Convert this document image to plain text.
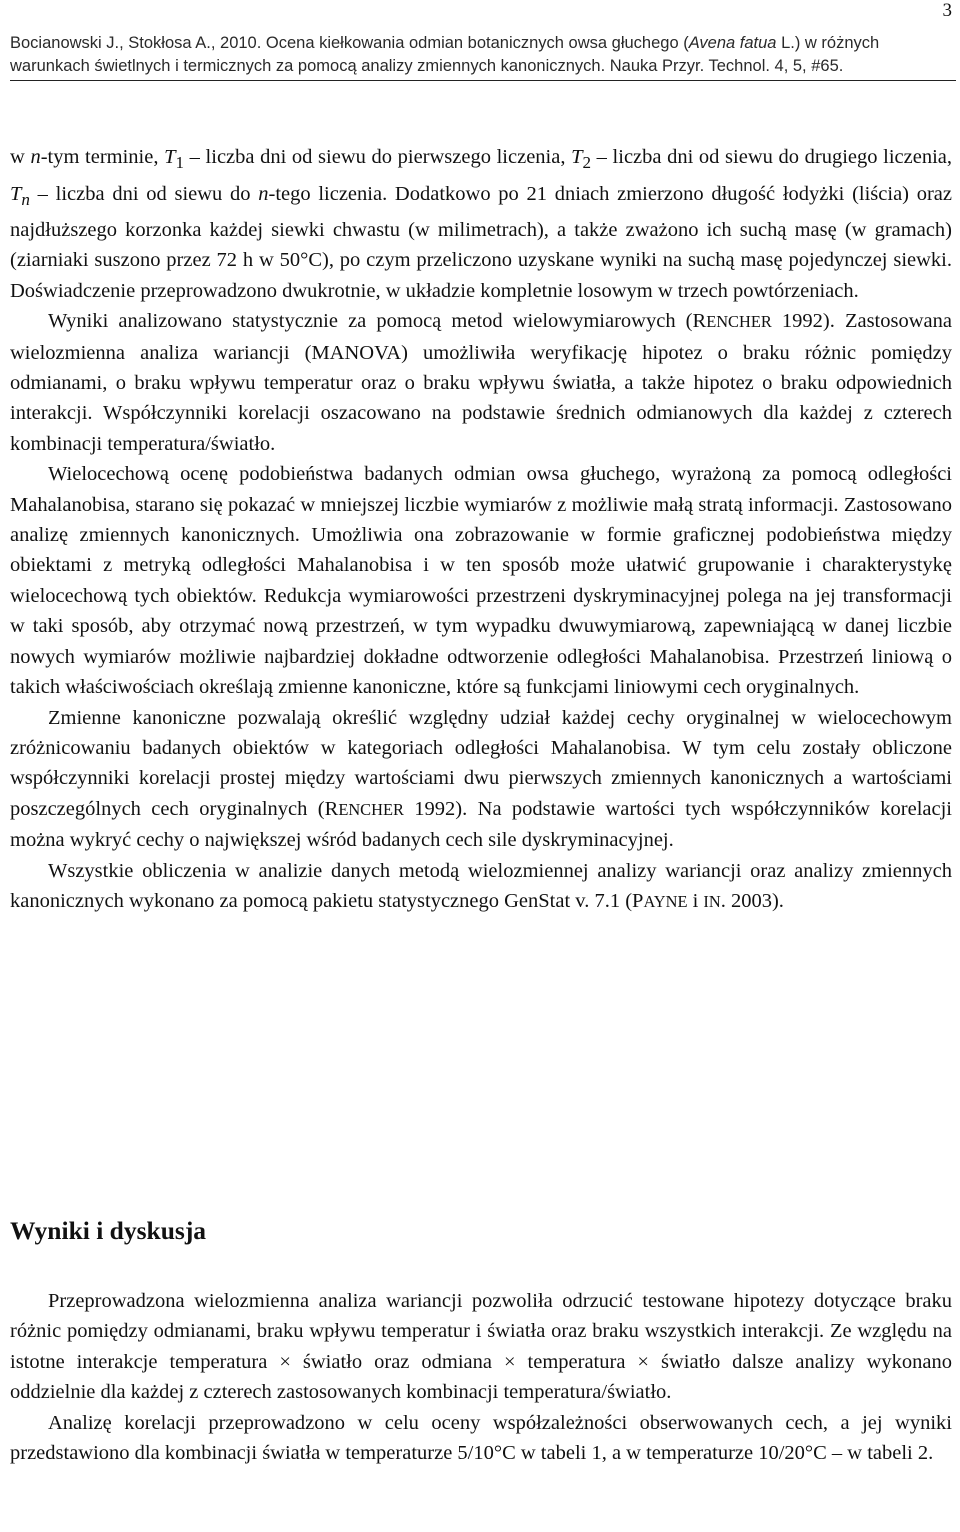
3
Bocianowski J., Stokłosa A., 2010. Ocena kiełkowania odmian botanicznych owsa głuchego (Avena fatua L.) w różnych warunkach świetlnych i termicznych za pomocą analizy zmiennych kanonicznych. Nauka Przyr. Technol. 4, 5, #65.

w n-tym terminie, $T_1$ – liczba dni od siewu do pierwszego liczenia, $T_2$ – liczba dni od siewu do drugiego liczenia, $T_n$ – liczba dni od siewu do n-tego liczenia. Dodatkowo po 21 dniach zmierzono długość łodyżki (liścia) oraz najdłuższego korzonka każdej siewki chwastu (w milimetrach), a także zważono ich suchą masę (w gramach) (ziarniaki suszono przez 72 h w 50°C), po czym przeliczono uzyskane wyniki na suchą masę pojedynczej siewki. Doświadczenie przeprowadzono dwukrotnie, w układzie kompletnie losowym w trzech powtórzeniach.

Wyniki analizowano statystycznie za pomocą metod wielowymiarowych (RENCHER 1992). Zastosowana wielozmienna analiza wariancji (MANOVA) umożliwiła weryfikację hipotez o braku różnic pomiędzy odmianami, o braku wpływu temperatur oraz o braku wpływu światła, a także hipotez o braku odpowiednich interakcji. Współczynniki korelacji oszacowano na podstawie średnich odmianowych dla każdej z czterech kombinacji temperatura/światło.

Wielocechową ocenę podobieństwa badanych odmian owsa głuchego, wyrażoną za pomocą odległości Mahalanobisa, starano się pokazać w mniejszej liczbie wymiarów z możliwie małą stratą informacji. Zastosowano analizę zmiennych kanonicznych. Umożliwia ona zobrazowanie w formie graficznej podobieństwa między obiektami z metryką odległości Mahalanobisa i w ten sposób może ułatwić grupowanie i charakterystykę wielocechową tych obiektów. Redukcja wymiarowości przestrzeni dyskryminacyjnej polega na jej transformacji w taki sposób, aby otrzymać nową przestrzeń, w tym wypadku dwuwymiarową, zapewniającą w danej liczbie nowych wymiarów możliwie najbardziej dokładne odtworzenie odległości Mahalanobisa. Przestrzeń liniową o takich właściwościach określają zmienne kanoniczne, które są funkcjami liniowymi cech oryginalnych.

Zmienne kanoniczne pozwalają określić względny udział każdej cechy oryginalnej w wielocechowym zróżnicowaniu badanych obiektów w kategoriach odległości Mahalanobisa. W tym celu zostały obliczone współczynniki korelacji prostej między wartościami dwu pierwszych zmiennych kanonicznych a wartościami poszczególnych cech oryginalnych (RENCHER 1992). Na podstawie wartości tych współczynników korelacji można wykryć cechy o największej wśród badanych cech sile dyskryminacyjnej.

Wszystkie obliczenia w analizie danych metodą wielozmiennej analizy wariancji oraz analizy zmiennych kanonicznych wykonano za pomocą pakietu statystycznego GenStat v. 7.1 (PAYNE i IN. 2003).

Wyniki i dyskusja

Przeprowadzona wielozmienna analiza wariancji pozwoliła odrzucić testowane hipotezy dotyczące braku różnic pomiędzy odmianami, braku wpływu temperatur i światła oraz braku wszystkich interakcji. Ze względu na istotne interakcje temperatura × światło oraz odmiana × temperatura × światło dalsze analizy wykonano oddzielnie dla każdej z czterech zastosowanych kombinacji temperatura/światło.

Analizę korelacji przeprowadzono w celu oceny współzależności obserwowanych cech, a jej wyniki przedstawiono dla kombinacji światła w temperaturze 5/10°C w tabeli 1, a w temperaturze 10/20°C – w tabeli 2.
